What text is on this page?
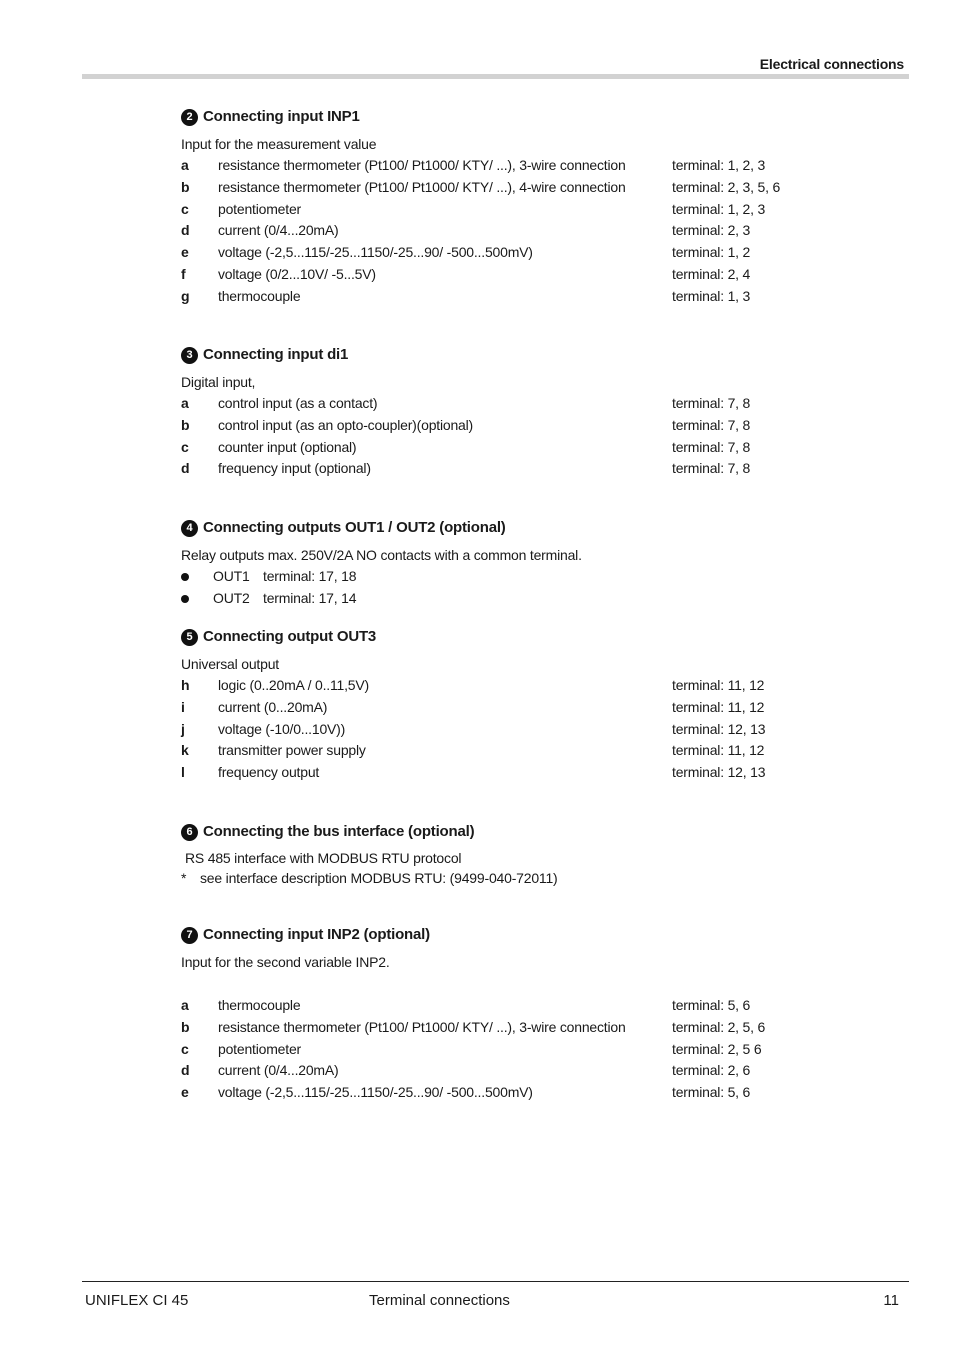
Electrical connections
2 Connecting input INP1
Input for the measurement value
a resistance thermometer (Pt100/ Pt1000/ KTY/ ...), 3-wire connection	terminal: 1, 2, 3
b resistance thermometer (Pt100/ Pt1000/ KTY/ ...), 4-wire connection	terminal: 2, 3, 5, 6
c potentiometer	terminal: 1, 2, 3
d current (0/4...20mA)	terminal: 2, 3
e voltage (-2,5...115/-25...1150/-25...90/ -500...500mV)	terminal: 1, 2
f voltage (0/2...10V/ -5...5V)	terminal: 2, 4
g thermocouple	terminal: 1, 3
3 Connecting input di1
Digital input,
a control input (as a contact)	terminal: 7, 8
b control input (as an opto-coupler)(optional)	terminal: 7, 8
c counter input (optional)	terminal: 7, 8
d frequency input (optional)	terminal: 7, 8
4 Connecting outputs OUT1 / OUT2 (optional)
Relay outputs max. 250V/2A NO contacts with a common terminal.
OUT1 terminal: 17, 18
OUT2 terminal: 17, 14
5 Connecting output OUT3
Universal output
h logic (0..20mA / 0..11,5V)	terminal: 11, 12
i current (0...20mA)	terminal: 11, 12
j voltage (-10/0...10V))	terminal: 12, 13
k transmitter power supply	terminal: 11, 12
l frequency output	terminal: 12, 13
6 Connecting the bus interface (optional)
RS 485 interface with MODBUS RTU protocol
* see interface description MODBUS RTU: (9499-040-72011)
7 Connecting input INP2 (optional)
Input for the second variable INP2.
a thermocouple	terminal: 5, 6
b resistance thermometer (Pt100/ Pt1000/ KTY/ ...), 3-wire connection	terminal: 2, 5, 6
c potentiometer	terminal: 2, 5 6
d current (0/4...20mA)	terminal: 2, 6
e voltage (-2,5...115/-25...1150/-25...90/ -500...500mV)	terminal: 5, 6
UNIFLEX CI 45	Terminal connections	11
